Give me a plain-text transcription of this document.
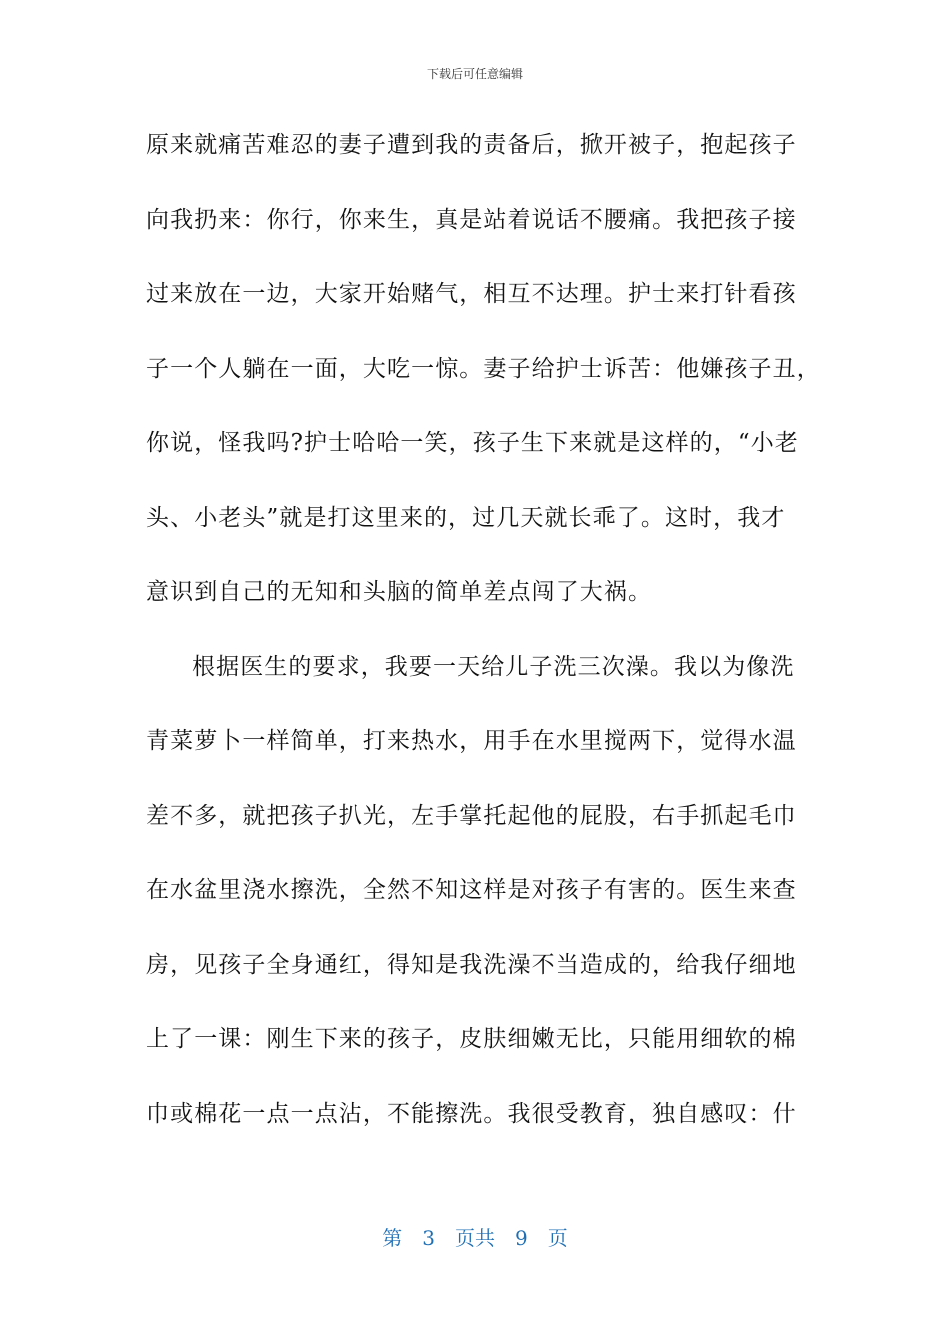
下载后可任意编辑
原来就痛苦难忍的妻子遭到我的责备后，掀开被子，抱起孩子
向我扔来：你行，你来生，真是站着说话不腰痛。我把孩子接
过来放在一边，大家开始赌气，相互不达理。护士来打针看孩
子一个人躺在一面，大吃一惊。妻子给护士诉苦：他嫌孩子丑，
你说，怪我吗?护士哈哈一笑，孩子生下来就是这样的，“小老
头、小老头”就是打这里来的，过几天就长乖了。这时，我才
意识到自己的无知和头脑的简单差点闯了大祸。
根据医生的要求，我要一天给儿子洗三次澡。我以为像洗
青菜萝卜一样简单，打来热水，用手在水里搅两下，觉得水温
差不多，就把孩子扒光，左手掌托起他的屁股，右手抓起毛巾
在水盆里浇水擦洗，全然不知这样是对孩子有害的。医生来查
房，见孩子全身通红，得知是我洗澡不当造成的，给我仔细地
上了一课：刚生下来的孩子，皮肤细嫩无比，只能用细软的棉
巾或棉花一点一点沾，不能擦洗。我很受教育，独自感叹：什
第 3 页共 9 页
